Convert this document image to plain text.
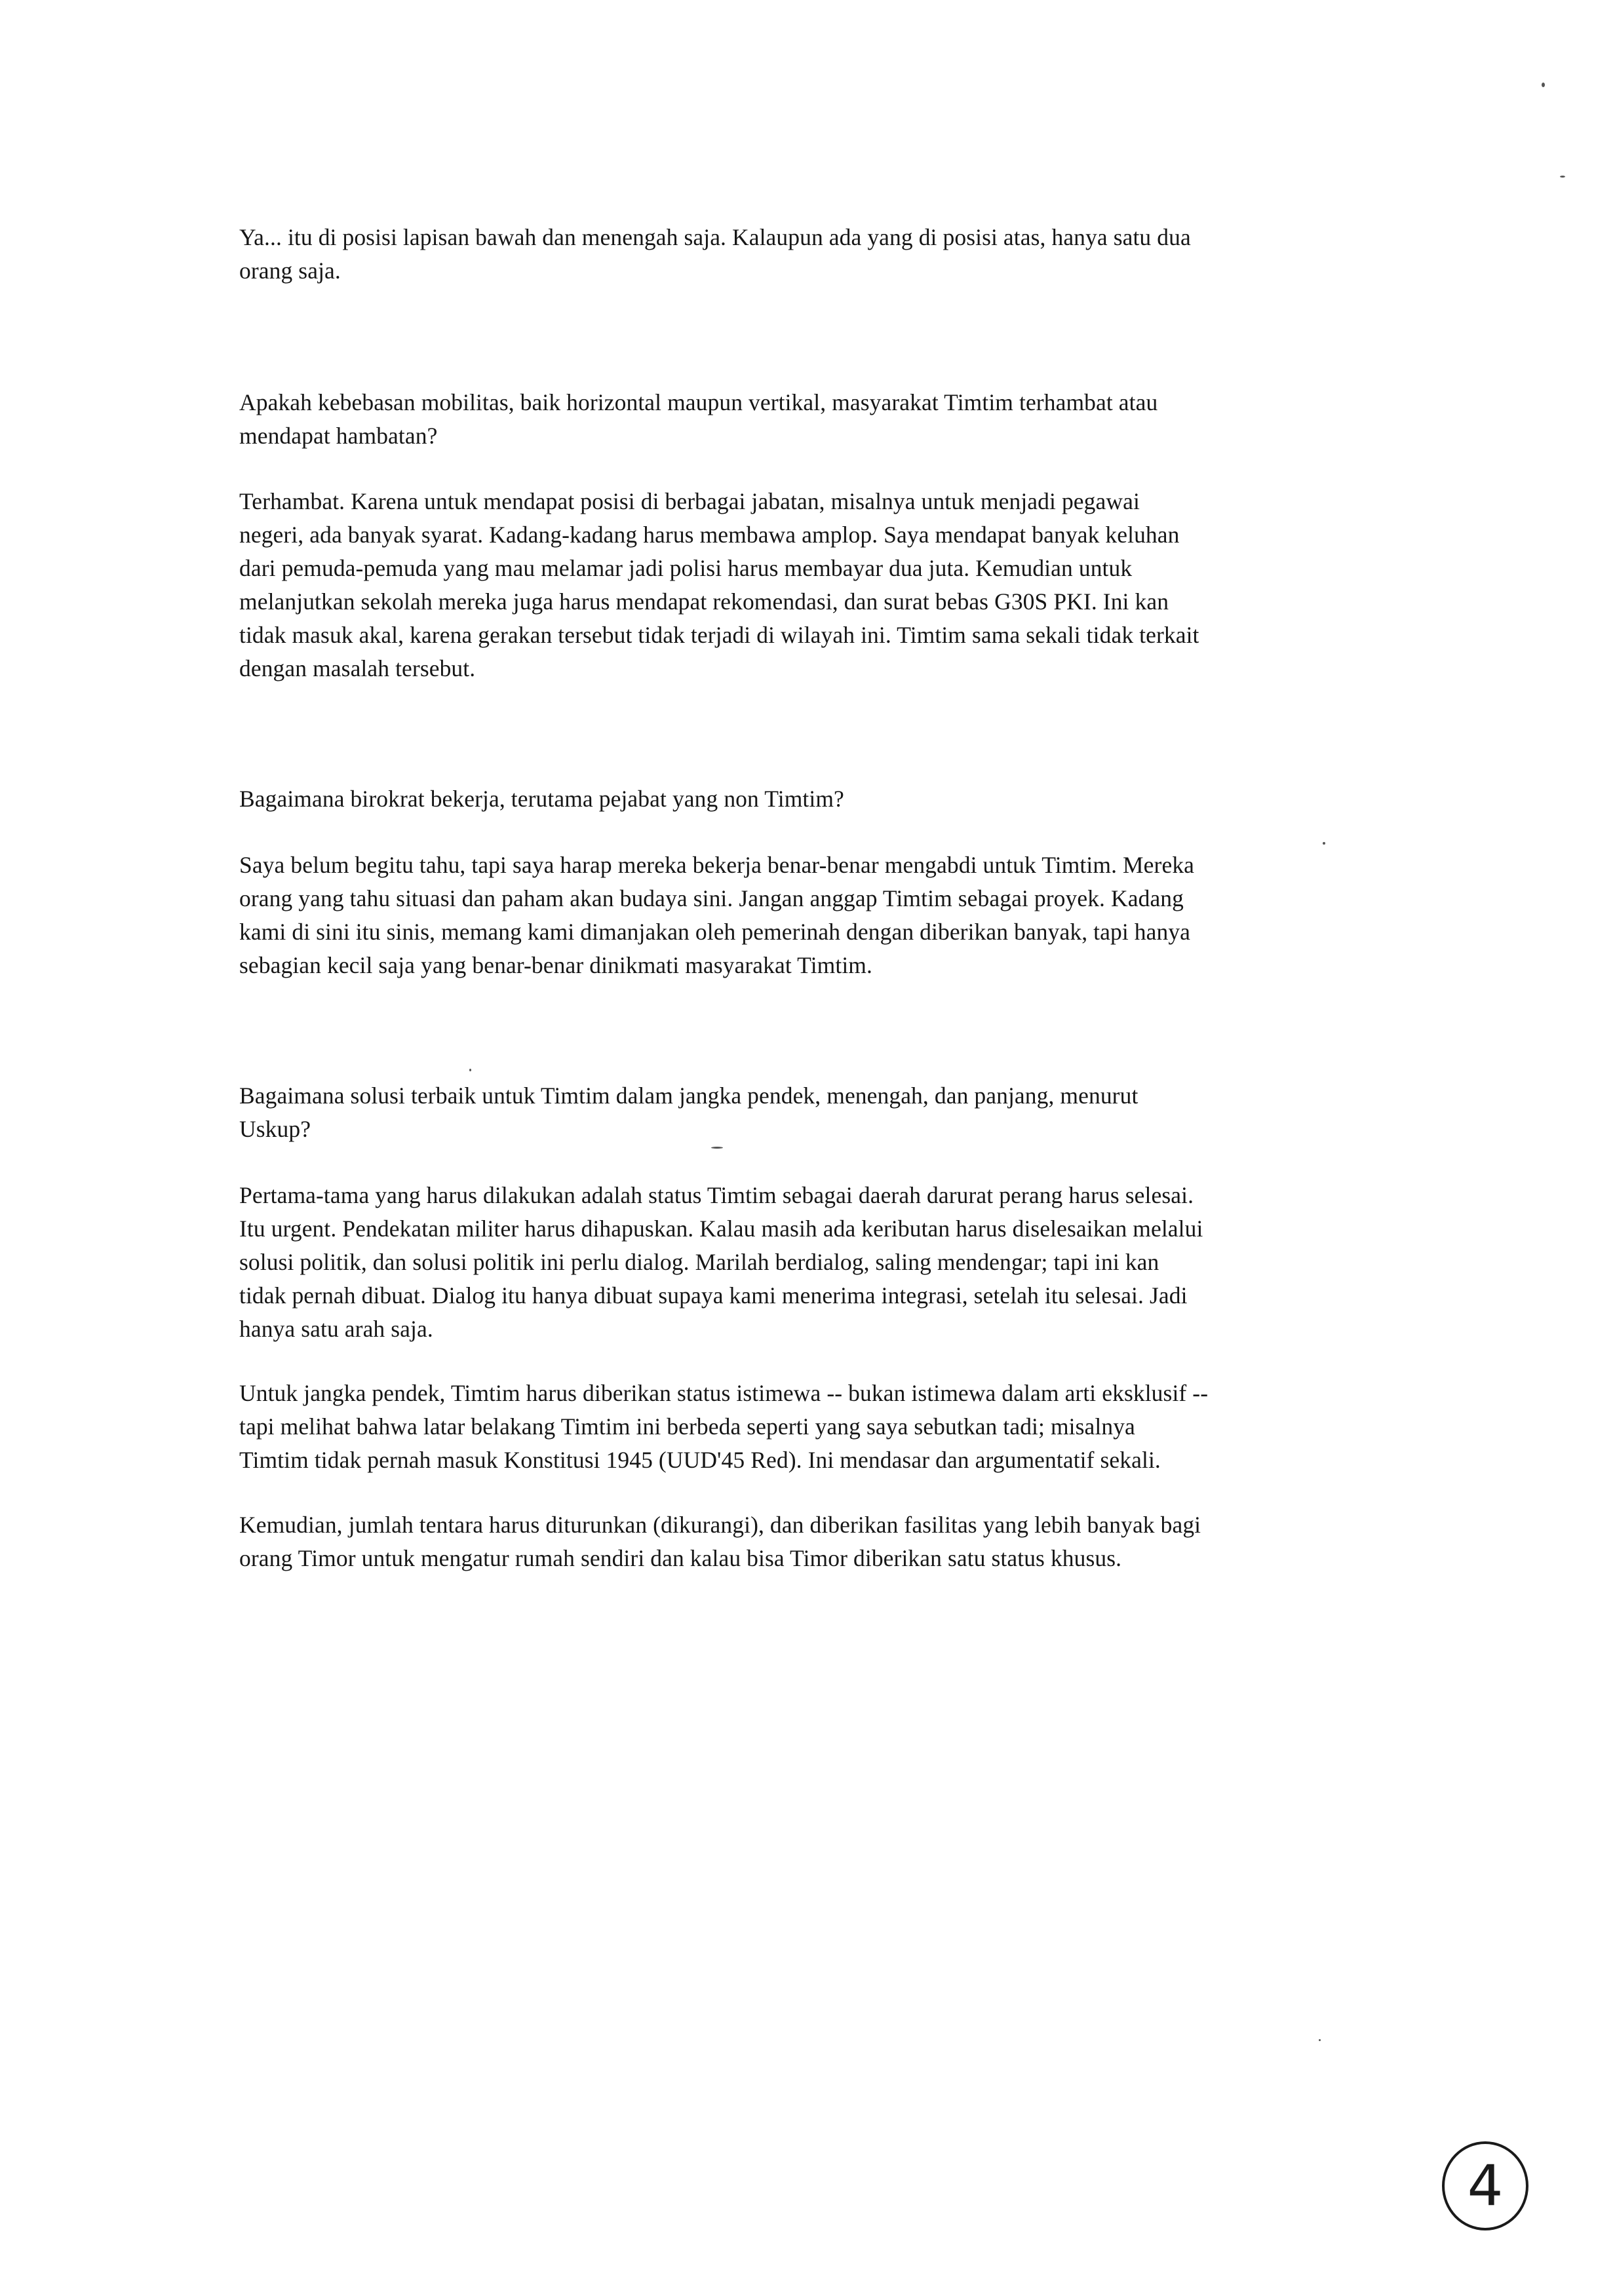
Ya... itu di posisi lapisan bawah dan menengah saja. Kalaupun ada yang di posisi atas, hanya satu dua
orang saja.

Apakah kebebasan mobilitas, baik horizontal maupun vertikal, masyarakat Timtim terhambat atau
mendapat hambatan?

Terhambat. Karena untuk mendapat posisi di berbagai jabatan, misalnya untuk menjadi pegawai
negeri, ada banyak syarat. Kadang-kadang harus membawa amplop. Saya mendapat banyak keluhan
dari pemuda-pemuda yang mau melamar jadi polisi harus membayar dua juta. Kemudian untuk
melanjutkan sekolah mereka juga harus mendapat rekomendasi, dan surat bebas G30S PKI. Ini kan
tidak masuk akal, karena gerakan tersebut tidak terjadi di wilayah ini. Timtim sama sekali tidak terkait
dengan masalah tersebut.

Bagaimana birokrat bekerja, terutama pejabat yang non Timtim?

Saya belum begitu tahu, tapi saya harap mereka bekerja benar-benar mengabdi untuk Timtim. Mereka
orang yang tahu situasi dan paham akan budaya sini. Jangan anggap Timtim sebagai proyek. Kadang
kami di sini itu sinis, memang kami dimanjakan oleh pemerinah dengan diberikan banyak, tapi hanya
sebagian kecil saja yang benar-benar dinikmati masyarakat Timtim.

Bagaimana solusi terbaik untuk Timtim dalam jangka pendek, menengah, dan panjang, menurut
Uskup?

Pertama-tama yang harus dilakukan adalah status Timtim sebagai daerah darurat perang harus selesai.
Itu urgent. Pendekatan militer harus dihapuskan. Kalau masih ada keributan harus diselesaikan melalui
solusi politik, dan solusi politik ini perlu dialog. Marilah berdialog, saling mendengar; tapi ini kan
tidak pernah dibuat. Dialog itu hanya dibuat supaya kami menerima integrasi, setelah itu selesai. Jadi
hanya satu arah saja.

Untuk jangka pendek, Timtim harus diberikan status istimewa -- bukan istimewa dalam arti eksklusif --
tapi melihat bahwa latar belakang Timtim ini berbeda seperti yang saya sebutkan tadi; misalnya
Timtim tidak pernah masuk Konstitusi 1945 (UUD'45 Red). Ini mendasar dan argumentatif sekali.

Kemudian, jumlah tentara harus diturunkan (dikurangi), dan diberikan fasilitas yang lebih banyak bagi
orang Timor untuk mengatur rumah sendiri dan kalau bisa Timor diberikan satu status khusus.

4
